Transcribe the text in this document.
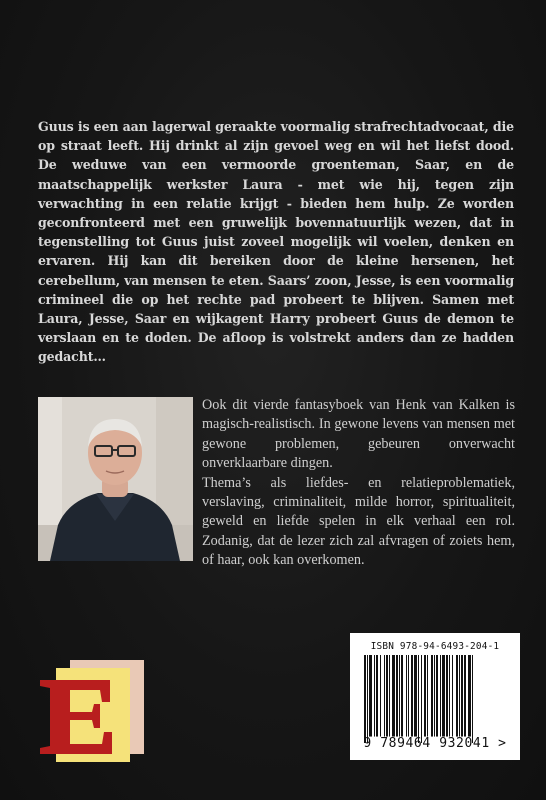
Guus is een aan lagerwal geraakte voormalig strafrechtadvocaat, die op straat leeft. Hij drinkt al zijn gevoel weg en wil het liefst dood. De weduwe van een vermoorde groenteman, Saar, en de maatschappelijk werkster Laura - met wie hij, tegen zijn verwachting in een relatie krijgt - bieden hem hulp. Ze worden geconfronteerd met een gruwelijk bovennatuurlijk wezen, dat in tegenstelling tot Guus juist zoveel mogelijk wil voelen, denken en ervaren. Hij kan dit bereiken door de kleine hersenen, het cerebellum, van mensen te eten. Saars’ zoon, Jesse, is een voormalig crimineel die op het rechte pad probeert te blijven. Samen met Laura, Jesse, Saar en wijkagent Harry probeert Guus de demon te verslaan en te doden. De afloop is volstrekt anders dan ze hadden gedacht…

Ook dit vierde fantasyboek van Henk van Kalken is magisch-realistisch. In gewone levens van mensen met gewone problemen, gebeuren onverwacht onverklaarbare dingen.

Thema’s als liefdes- en relatieproblematiek, verslaving, criminaliteit, milde horror, spiritualiteit, geweld en liefde spelen in elk verhaal een rol. Zodanig, dat de lezer zich zal afvragen of zoiets hem, of haar, ook kan overkomen.

ISBN 978-94-6493-204-1
9 789464 932041 >
